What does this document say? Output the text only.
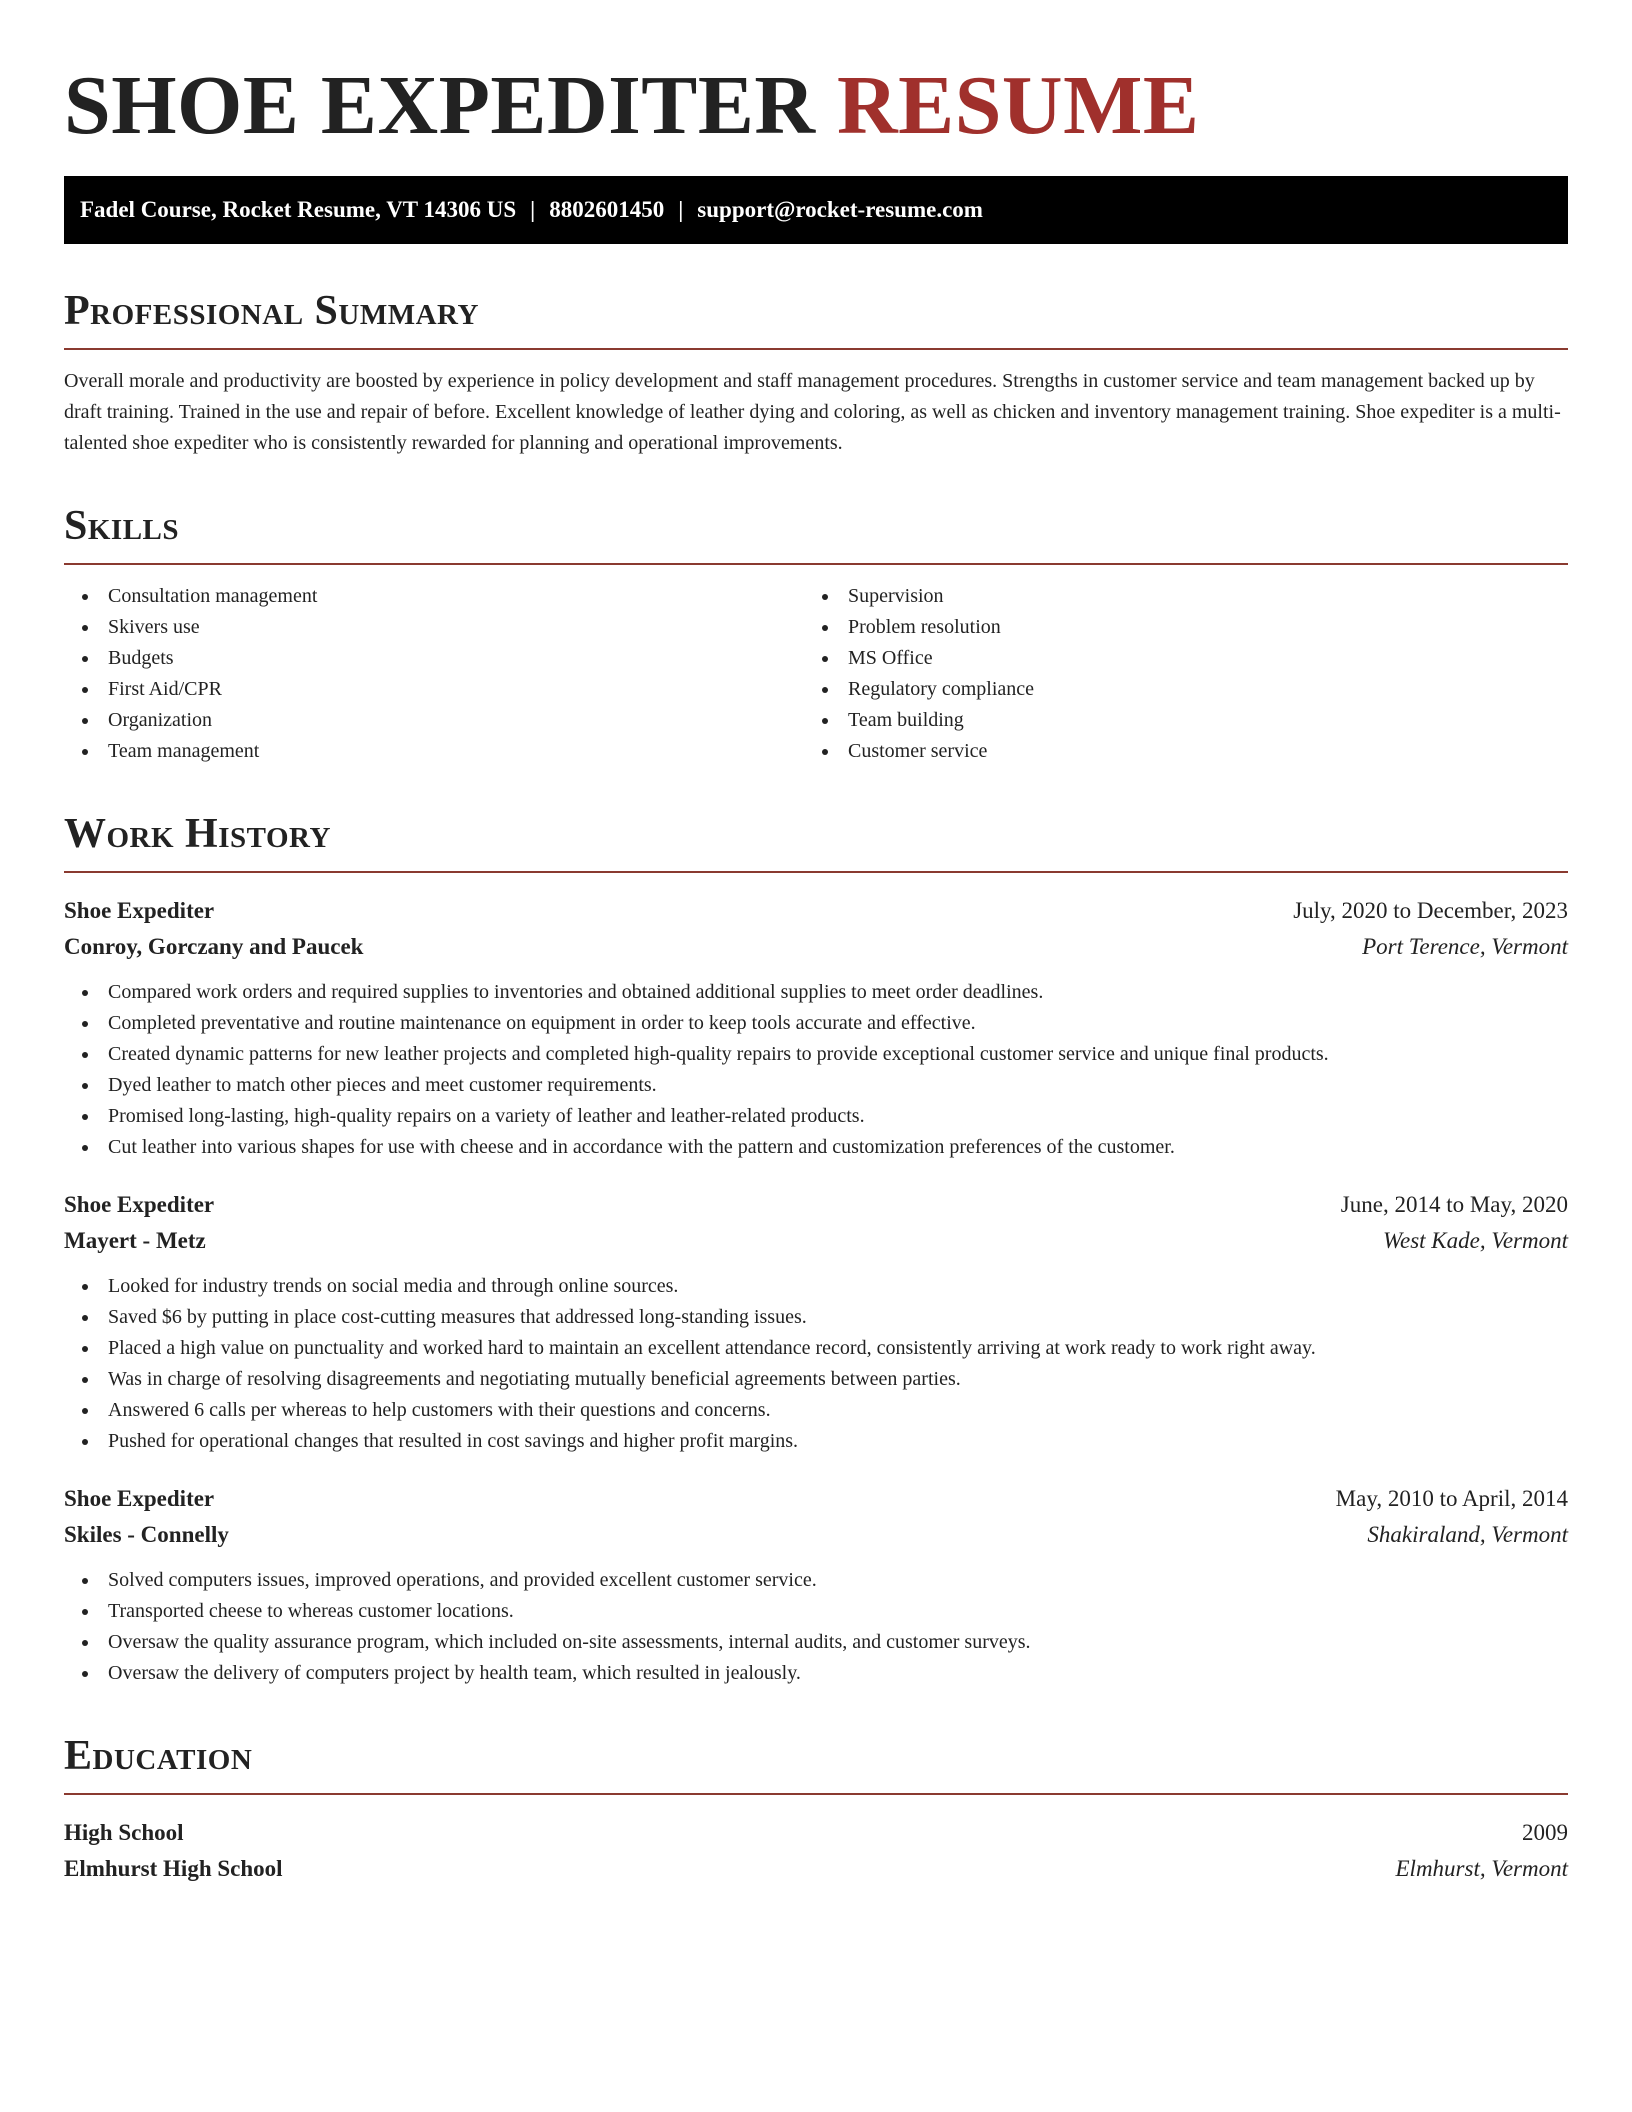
SHOE EXPEDITER RESUME
Fadel Course, Rocket Resume, VT 14306 US | 8802601450 | support@rocket-resume.com
Professional Summary

Overall morale and productivity are boosted by experience in policy development and staff management procedures. Strengths in customer service and team management backed up by draft training. Trained in the use and repair of before. Excellent knowledge of leather dying and coloring, as well as chicken and inventory management training. Shoe expediter is a multi-talented shoe expediter who is consistently rewarded for planning and operational improvements.

Skills
Consultation management
Skivers use
Budgets
First Aid/CPR
Organization
Team management
Supervision
Problem resolution
MS Office
Regulatory compliance
Team building
Customer service
Work History
Shoe Expediter	July, 2020 to December, 2023
Conroy, Gorczany and Paucek	Port Terence, Vermont
Compared work orders and required supplies to inventories and obtained additional supplies to meet order deadlines.
Completed preventative and routine maintenance on equipment in order to keep tools accurate and effective.
Created dynamic patterns for new leather projects and completed high-quality repairs to provide exceptional customer service and unique final products.
Dyed leather to match other pieces and meet customer requirements.
Promised long-lasting, high-quality repairs on a variety of leather and leather-related products.
Cut leather into various shapes for use with cheese and in accordance with the pattern and customization preferences of the customer.
Shoe Expediter	June, 2014 to May, 2020
Mayert - Metz	West Kade, Vermont
Looked for industry trends on social media and through online sources.
Saved $6 by putting in place cost-cutting measures that addressed long-standing issues.
Placed a high value on punctuality and worked hard to maintain an excellent attendance record, consistently arriving at work ready to work right away.
Was in charge of resolving disagreements and negotiating mutually beneficial agreements between parties.
Answered 6 calls per whereas to help customers with their questions and concerns.
Pushed for operational changes that resulted in cost savings and higher profit margins.
Shoe Expediter	May, 2010 to April, 2014
Skiles - Connelly	Shakiraland, Vermont
Solved computers issues, improved operations, and provided excellent customer service.
Transported cheese to whereas customer locations.
Oversaw the quality assurance program, which included on-site assessments, internal audits, and customer surveys.
Oversaw the delivery of computers project by health team, which resulted in jealously.
Education
High School	2009
Elmhurst High School	Elmhurst, Vermont
